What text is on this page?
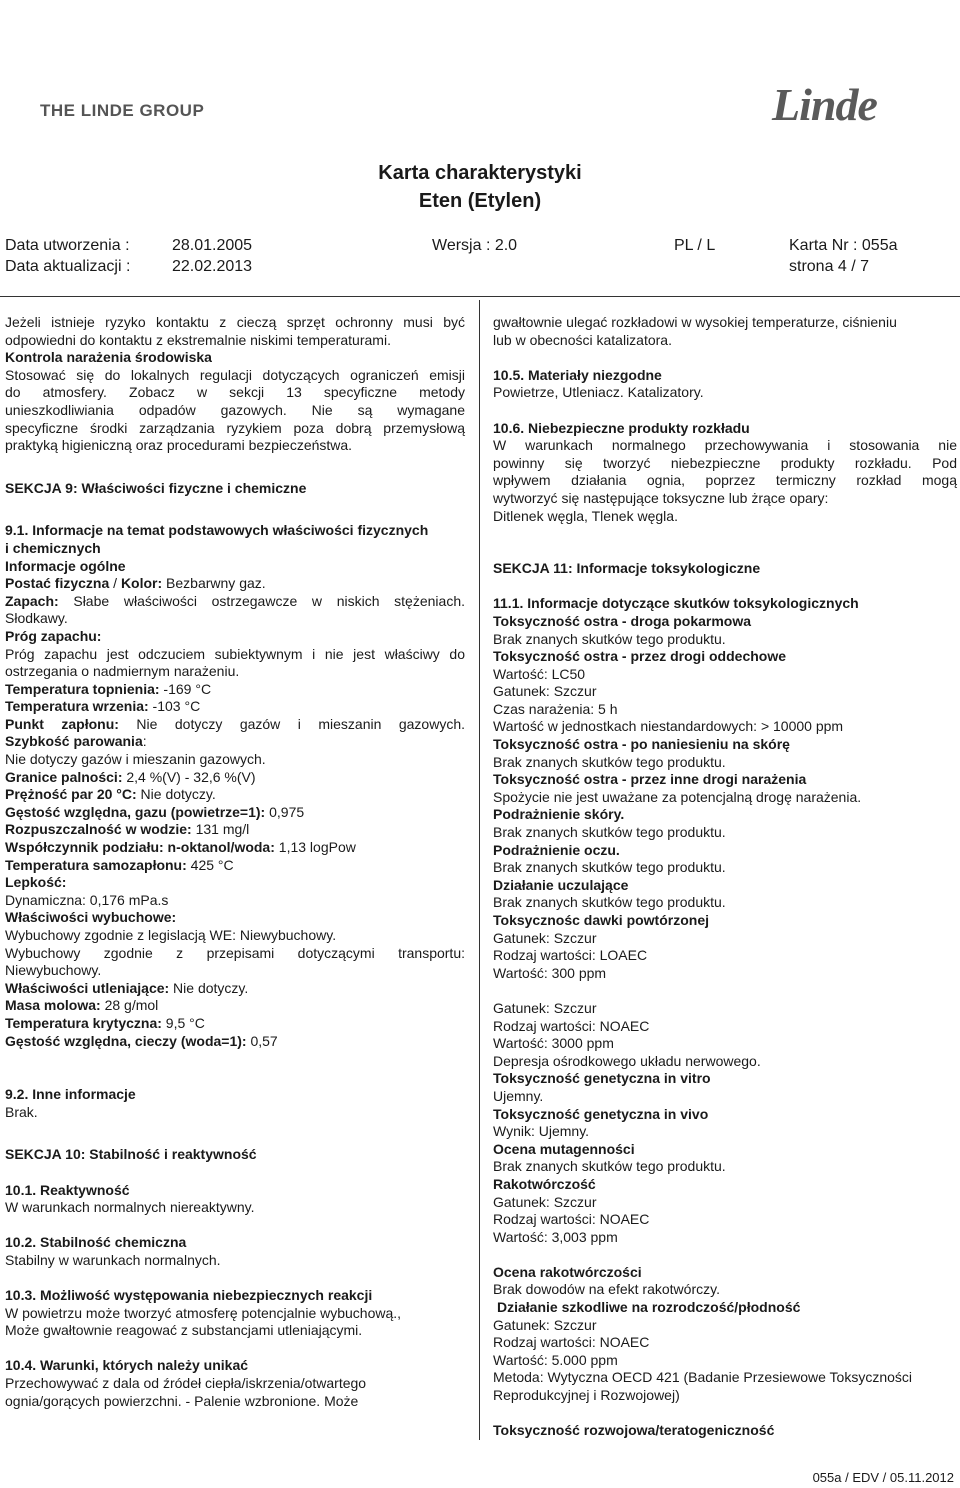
THE LINDE GROUP	Linde
Karta charakterystyki
Eten (Etylen)
Data utworzenia :	28.01.2005	Wersja : 2.0	PL / L	Karta Nr : 055a
Data aktualizacji :	22.02.2013	strona 4 / 7

Jeżeli istnieje ryzyko kontaktu z cieczą sprzęt ochronny musi być

odpowiedni do kontaktu z ekstremalnie niskimi temperaturami.

Kontrola narażenia środowiska

Stosować się do lokalnych regulacji dotyczących ograniczeń emisji

do atmosfery. Zobacz w sekcji 13 specyficzne metody

unieszkodliwiania odpadów gazowych. Nie są wymagane

specyficzne środki zarządzania ryzykiem poza dobrą przemysłową

praktyką higieniczną oraz procedurami bezpieczeństwa.

SEKCJA 9: Właściwości fizyczne i chemiczne

9.1. Informacje na temat podstawowych właściwości fizycznych

i chemicznych

Informacje ogólne

Postać fizyczna / Kolor: Bezbarwny gaz.

Zapach: Słabe właściwości ostrzegawcze w niskich stężeniach.

Słodkawy.

Próg zapachu:

Próg zapachu jest odczuciem subiektywnym i nie jest właściwy do

ostrzegania o nadmiernym narażeniu.

Temperatura topnienia: -169 °C

Temperatura wrzenia: -103 °C

Punkt zapłonu: Nie dotyczy gazów i mieszanin gazowych.

Szybkość parowania:

Nie dotyczy gazów i mieszanin gazowych.

Granice palności: 2,4 %(V) - 32,6 %(V)

Prężność par 20 °C: Nie dotyczy.

Gęstość względna, gazu (powietrze=1): 0,975

Rozpuszczalność w wodzie: 131 mg/l

Współczynnik podziału: n-oktanol/woda: 1,13 logPow

Temperatura samozapłonu: 425 °C

Lepkość:

Dynamiczna: 0,176 mPa.s

Właściwości wybuchowe:

Wybuchowy zgodnie z legislacją WE: Niewybuchowy.

Wybuchowy zgodnie z przepisami dotyczącymi transportu:

Niewybuchowy.

Właściwości utleniające: Nie dotyczy.

Masa molowa: 28 g/mol

Temperatura krytyczna: 9,5 °C

Gęstość względna, cieczy (woda=1): 0,57

9.2. Inne informacje

Brak.

SEKCJA 10: Stabilność i reaktywność

10.1. Reaktywność

W warunkach normalnych niereaktywny.

10.2. Stabilność chemiczna

Stabilny w warunkach normalnych.

10.3. Możliwość występowania niebezpiecznych reakcji

W powietrzu może tworzyć atmosferę potencjalnie wybuchową.,

Może gwałtownie reagować z substancjami utleniającymi.

10.4. Warunki, których należy unikać

Przechowywać z dala od źródeł ciepła/iskrzenia/otwartego

ognia/gorących powierzchni. - Palenie wzbronione. Może

gwałtownie ulegać rozkładowi w wysokiej temperaturze, ciśnieniu

lub w obecności katalizatora.

10.5. Materiały niezgodne

Powietrze, Utleniacz. Katalizatory.

10.6. Niebezpieczne produkty rozkładu

W warunkach normalnego przechowywania i stosowania nie

powinny się tworzyć niebezpieczne produkty rozkładu. Pod

wpływem działania ognia, poprzez termiczny rozkład mogą

wytworzyć się następujące toksyczne lub żrące opary:

Ditlenek węgla, Tlenek węgla.

SEKCJA 11: Informacje toksykologiczne

11.1. Informacje dotyczące skutków toksykologicznych

Toksyczność ostra - droga pokarmowa

Brak znanych skutków tego produktu.

Toksyczność ostra - przez drogi oddechowe

Wartość: LC50

Gatunek: Szczur

Czas narażenia: 5 h

Wartość w jednostkach niestandardowych: > 10000 ppm

Toksyczność ostra - po naniesieniu na skórę

Brak znanych skutków tego produktu.

Toksyczność ostra - przez inne drogi narażenia

Spożycie nie jest uważane za potencjalną drogę narażenia.

Podrażnienie skóry.

Brak znanych skutków tego produktu.

Podrażnienie oczu.

Brak znanych skutków tego produktu.

Działanie uczulające

Brak znanych skutków tego produktu.

Toksycznośc dawki powtórzonej

Gatunek: Szczur

Rodzaj wartości: LOAEC

Wartość: 300 ppm

Gatunek: Szczur

Rodzaj wartości: NOAEC

Wartość: 3000 ppm

Depresja ośrodkowego układu nerwowego.

Toksyczność genetyczna in vitro

Ujemny.

Toksyczność genetyczna in vivo

Wynik: Ujemny.

Ocena mutagenności

Brak znanych skutków tego produktu.

Rakotwórczość

Gatunek: Szczur

Rodzaj wartości: NOAEC

Wartość: 3,003 ppm

Ocena rakotwórczości

Brak dowodów na efekt rakotwórczy.

Działanie szkodliwe na rozrodczość/płodność

Gatunek: Szczur

Rodzaj wartości: NOAEC

Wartość: 5.000 ppm

Metoda: Wytyczna OECD 421 (Badanie Przesiewowe Toksyczności

Reprodukcyjnej i Rozwojowej)

Toksyczność rozwojowa/teratogeniczność

055a / EDV / 05.11.2012
